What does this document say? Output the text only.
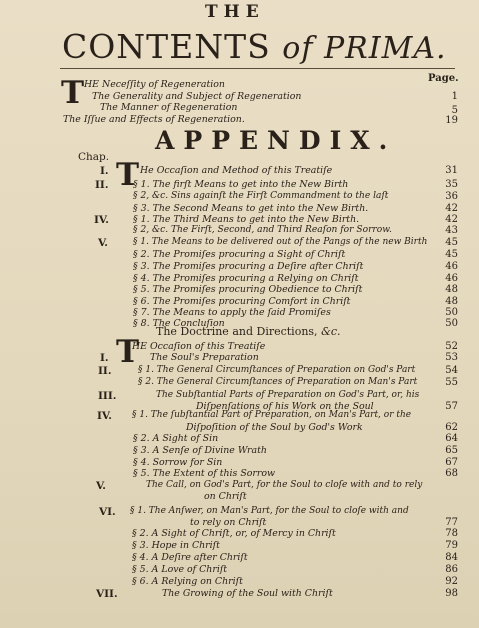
THE
CONTENTS of PRIMA.
Page.
T HE Neceſſity of Regeneration
The Generality and Subject of Regeneration	1
The Manner of Regeneration	5
The Iſſue and Effects of Regeneration.	19
APPENDIX.
Chap. T
I.	He Occaſion and Method of this Treatiſe	31
II.	§ 1. The firſt Means to get into the New Birth	35
§ 2, &c. Sins againſt the Firſt Commandment to the laſt	36
§ 3. The Second Means to get into the New Birth.	42
IV.	§ 1. The Third Means to get into the New Birth.	42
§ 2, &c. The Firſt, Second, and Third Reaſon for Sorrow.	43
V.	§ 1. The Means to be delivered out of the Pangs of the new Birth	45
§ 2. The Promiſes procuring a Sight of Chriſt	45
§ 3. The Promiſes procuring a Deſire after Chriſt	46
§ 4. The Promiſes procuring a Relying on Chriſt	46
§ 5. The Promiſes procuring Obedience to Chriſt	48
§ 6. The Promiſes procuring Comfort in Chriſt	48
§ 7. The Means to apply the ſaid Promiſes	50
§ 8. The Concluſion	50
The Doctrine and Directions, &c.
T
HE Occaſion of this Treatiſe	52
I.	The Soul's Preparation	53
II.	§ 1. The General Circumſtances of Preparation on God's Part	54
§ 2. The General Circumſtances of Preparation on Man's Part	55
III.	The Subſtantial Parts of Preparation on God's Part, or, his
Diſpenſations of his Work on the Soul	57
IV. § 1. The ſubſtantial Part of Preparation, on Man's Part, or the
Diſpoſition of the Soul by God's Work	62
§ 2. A Sight of Sin	64
§ 3. A Senſe of Divine Wrath	65
§ 4. Sorrow for Sin	67
§ 5. The Extent of this Sorrow	68
V.	The Call, on God's Part, for the Soul to cloſe with and to rely
on Chriſt
VI. § 1. The Anſwer, on Man's Part, for the Soul to cloſe with and
to rely on Chriſt	77
§ 2. A Sight of Chriſt, or, of Mercy in Chriſt	78
§ 3. Hope in Chriſt	79
§ 4. A Deſire after Chriſt	84
§ 5. A Love of Chriſt	86
§ 6. A Relying on Chriſt	92
VII.	The Growing of the Soul with Chriſt	98
